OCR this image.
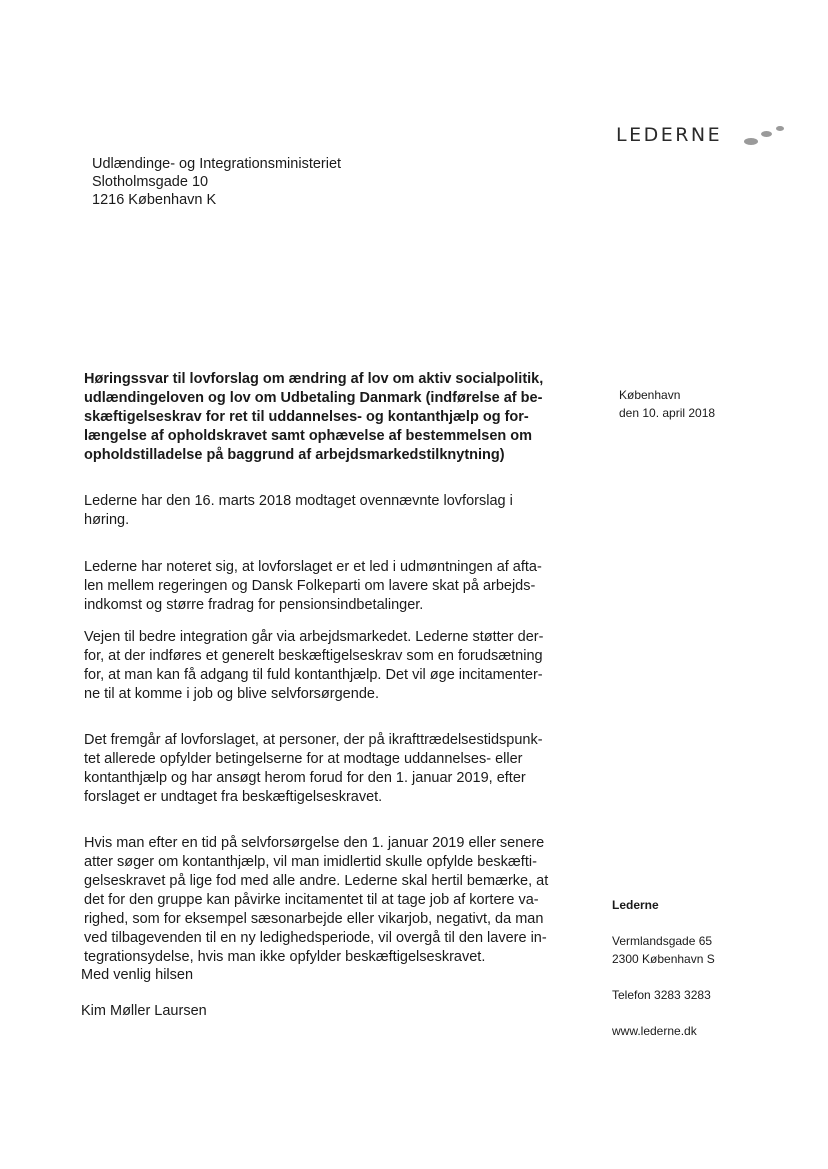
LEDERNE
Udlændinge- og Integrationsministeriet
Slotholmsgade 10
1216 København K
København
den 10. april 2018

Høringssvar til lovforslag om ændring af lov om aktiv socialpolitik,
udlændingeloven og lov om Udbetaling Danmark (indførelse af be-
skæftigelseskrav for ret til uddannelses- og kontanthjælp og for-
længelse af opholdskravet samt ophævelse af bestemmelsen om
opholdstilladelse på baggrund af arbejdsmarkedstilknytning)

Lederne har den 16. marts 2018 modtaget ovennævnte lovforslag i
høring.

Lederne har noteret sig, at lovforslaget er et led i udmøntningen af afta-
len mellem regeringen og Dansk Folkeparti om lavere skat på arbejds-
indkomst og større fradrag for pensionsindbetalinger.

Vejen til bedre integration går via arbejdsmarkedet. Lederne støtter der-
for, at der indføres et generelt beskæftigelseskrav som en forudsætning
for, at man kan få adgang til fuld kontanthjælp. Det vil øge incitamenter-
ne til at komme i job og blive selvforsørgende.

Det fremgår af lovforslaget, at personer, der på ikrafttrædelsestidspunk-
tet allerede opfylder betingelserne for at modtage uddannelses- eller
kontanthjælp og har ansøgt herom forud for den 1. januar 2019, efter
forslaget er undtaget fra beskæftigelseskravet.

Hvis man efter en tid på selvforsørgelse den 1. januar 2019 eller senere
atter søger om kontanthjælp, vil man imidlertid skulle opfylde beskæfti-
gelseskravet på lige fod med alle andre. Lederne skal hertil bemærke, at
det for den gruppe kan påvirke incitamentet til at tage job af kortere va-
righed, som for eksempel sæsonarbejde eller vikarjob, negativt, da man
ved tilbagevenden til en ny ledighedsperiode, vil overgå til den lavere in-
tegrationsydelse, hvis man ikke opfylder beskæftigelseskravet.

Med venlig hilsen
Kim Møller Laursen
Lederne
Vermlandsgade 65
2300 København S
Telefon 3283 3283
www.lederne.dk
